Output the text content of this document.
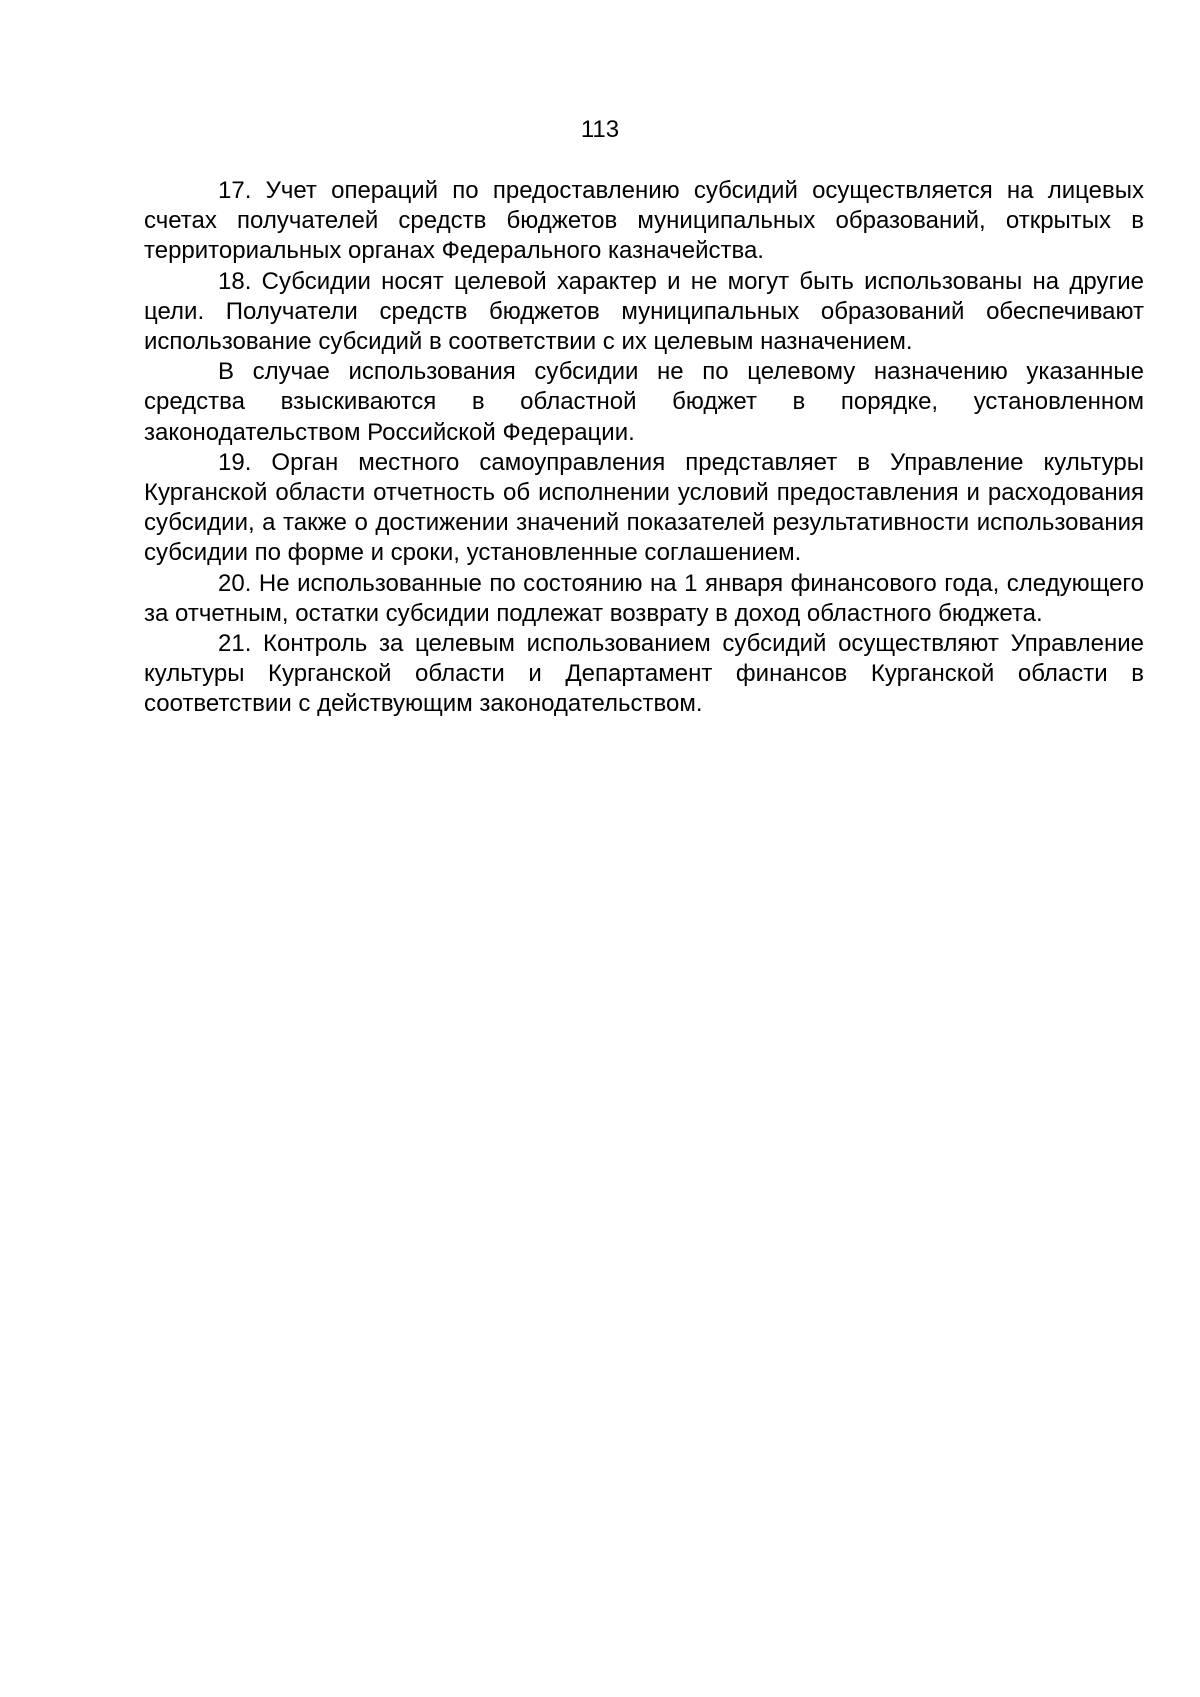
113

17. Учет операций по предоставлению субсидий осуществляется на лицевых счетах получателей средств бюджетов муниципальных образований, открытых в территориальных органах Федерального казначейства.

18. Субсидии носят целевой характер и не могут быть использованы на другие цели. Получатели средств бюджетов муниципальных образований обеспечивают использование субсидий в соответствии с их целевым назначением.

В случае использования субсидии не по целевому назначению указанные средства взыскиваются в областной бюджет в порядке, установленном законодательством Российской Федерации.

19. Орган местного самоуправления представляет в Управление культуры Курганской области отчетность об исполнении условий предоставления и расходования субсидии, а также о достижении значений показателей результативности использования субсидии по форме и сроки, установленные соглашением.

20. Не использованные по состоянию на 1 января финансового года, следующего за отчетным, остатки субсидии подлежат возврату в доход областного бюджета.

21. Контроль за целевым использованием субсидий осуществляют Управление культуры Курганской области и Департамент финансов Курганской области в соответствии с действующим законодательством.
